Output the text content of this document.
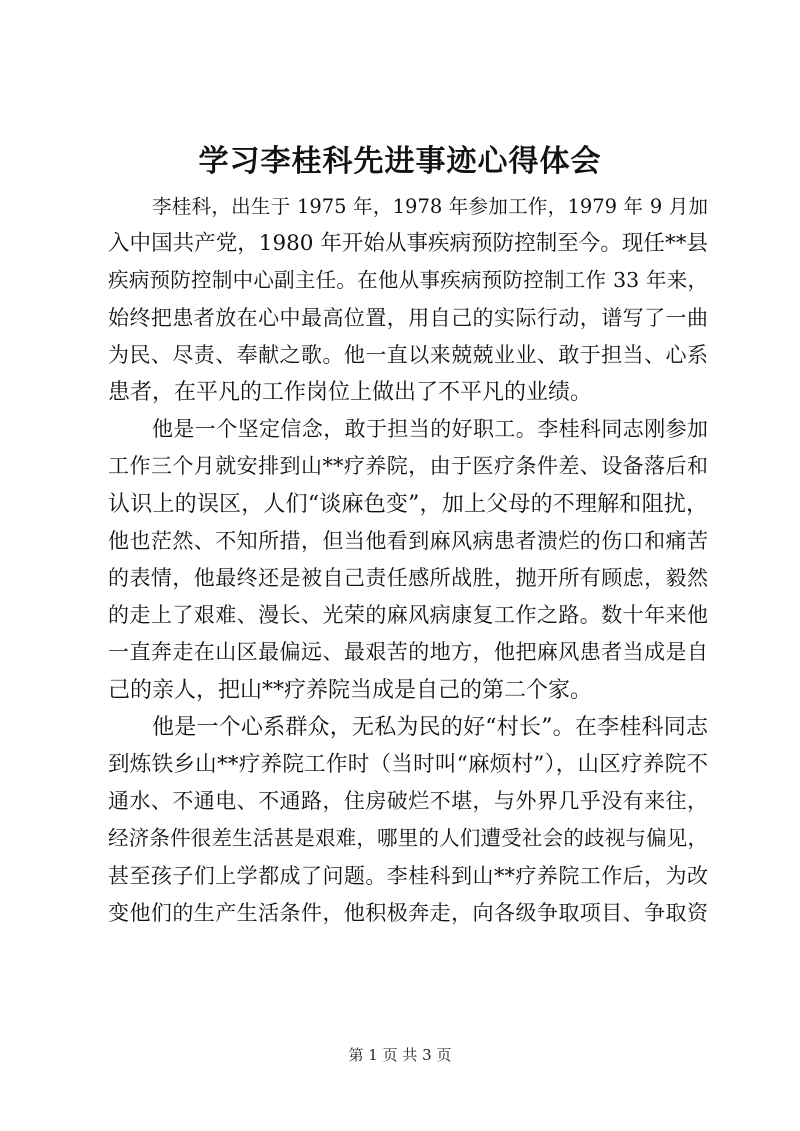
学习李桂科先进事迹心得体会

李桂科，出生于 1975 年，1978 年参加工作，1979 年 9 月加
入中国共产党，1980 年开始从事疾病预防控制至今。现任**县
疾病预防控制中心副主任。在他从事疾病预防控制工作 33 年来，
始终把患者放在心中最高位置，用自己的实际行动，谱写了一曲
为民、尽责、奉献之歌。他一直以来兢兢业业、敢于担当、心系
患者，在平凡的工作岗位上做出了不平凡的业绩。

他是一个坚定信念，敢于担当的好职工。李桂科同志刚参加
工作三个月就安排到山**疗养院，由于医疗条件差、设备落后和
认识上的误区，人们“谈麻色变”，加上父母的不理解和阻扰，
他也茫然、不知所措，但当他看到麻风病患者溃烂的伤口和痛苦
的表情，他最终还是被自己责任感所战胜，抛开所有顾虑，毅然
的走上了艰难、漫长、光荣的麻风病康复工作之路。数十年来他
一直奔走在山区最偏远、最艰苦的地方，他把麻风患者当成是自
己的亲人，把山**疗养院当成是自己的第二个家。

他是一个心系群众，无私为民的好“村长”。在李桂科同志
到炼铁乡山**疗养院工作时（当时叫“麻烦村”），山区疗养院不
通水、不通电、不通路，住房破烂不堪，与外界几乎没有来往，
经济条件很差生活甚是艰难，哪里的人们遭受社会的歧视与偏见，
甚至孩子们上学都成了问题。李桂科到山**疗养院工作后，为改
变他们的生产生活条件，他积极奔走，向各级争取项目、争取资

第 1 页 共 3 页
